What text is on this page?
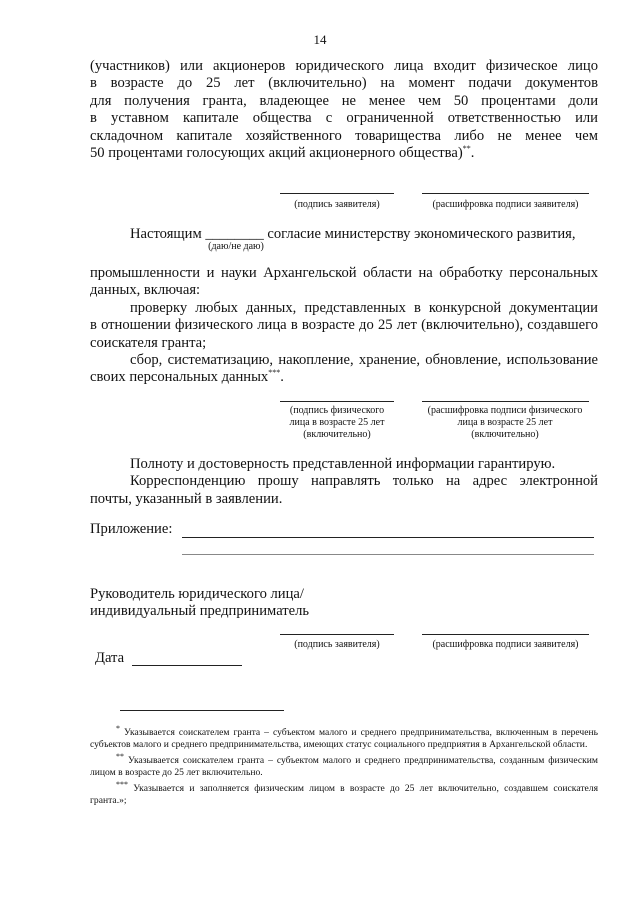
14
(участников) или акционеров юридического лица входит физическое лицо
в возрасте до 25 лет (включительно) на момент подачи документов
для получения гранта, владеющее не менее чем 50 процентами доли
в уставном капитале общества с ограниченной ответственностью или
складочном капитале хозяйственного товарищества либо не менее чем
50 процентами голосующих акций акционерного общества)**.
(подпись заявителя)	(расшифровка подписи заявителя)
Настоящим ________ согласие министерству экономического развития,
(даю/не даю)
промышленности и науки Архангельской области на обработку персональных
данных, включая:
проверку любых данных, представленных в конкурсной документации
в отношении физического лица в возрасте до 25 лет (включительно), создавшего
соискателя гранта;
сбор, систематизацию, накопление, хранение, обновление, использование
своих персональных данных***.
(подпись физического
лица в возрасте 25 лет
(включительно)
(расшифровка подписи физического
лица в возрасте 25 лет
(включительно)
Полноту и достоверность представленной информации гарантирую.
Корреспонденцию прошу направлять только на адрес электронной
почты, указанный в заявлении.
Приложение:
Руководитель юридического лица/
индивидуальный предприниматель
(подпись заявителя)	(расшифровка подписи заявителя)
Дата

* Указывается соискателем гранта – субъектом малого и среднего предпринимательства, включенным в перечень субъектов малого и среднего предпринимательства, имеющих статус социального предприятия в Архангельской области.

** Указывается соискателем гранта – субъектом малого и среднего предпринимательства, созданным физическим лицом в возрасте до 25 лет включительно.

*** Указывается и заполняется физическим лицом в возрасте до 25 лет включительно, создавшем соискателя гранта.»;
